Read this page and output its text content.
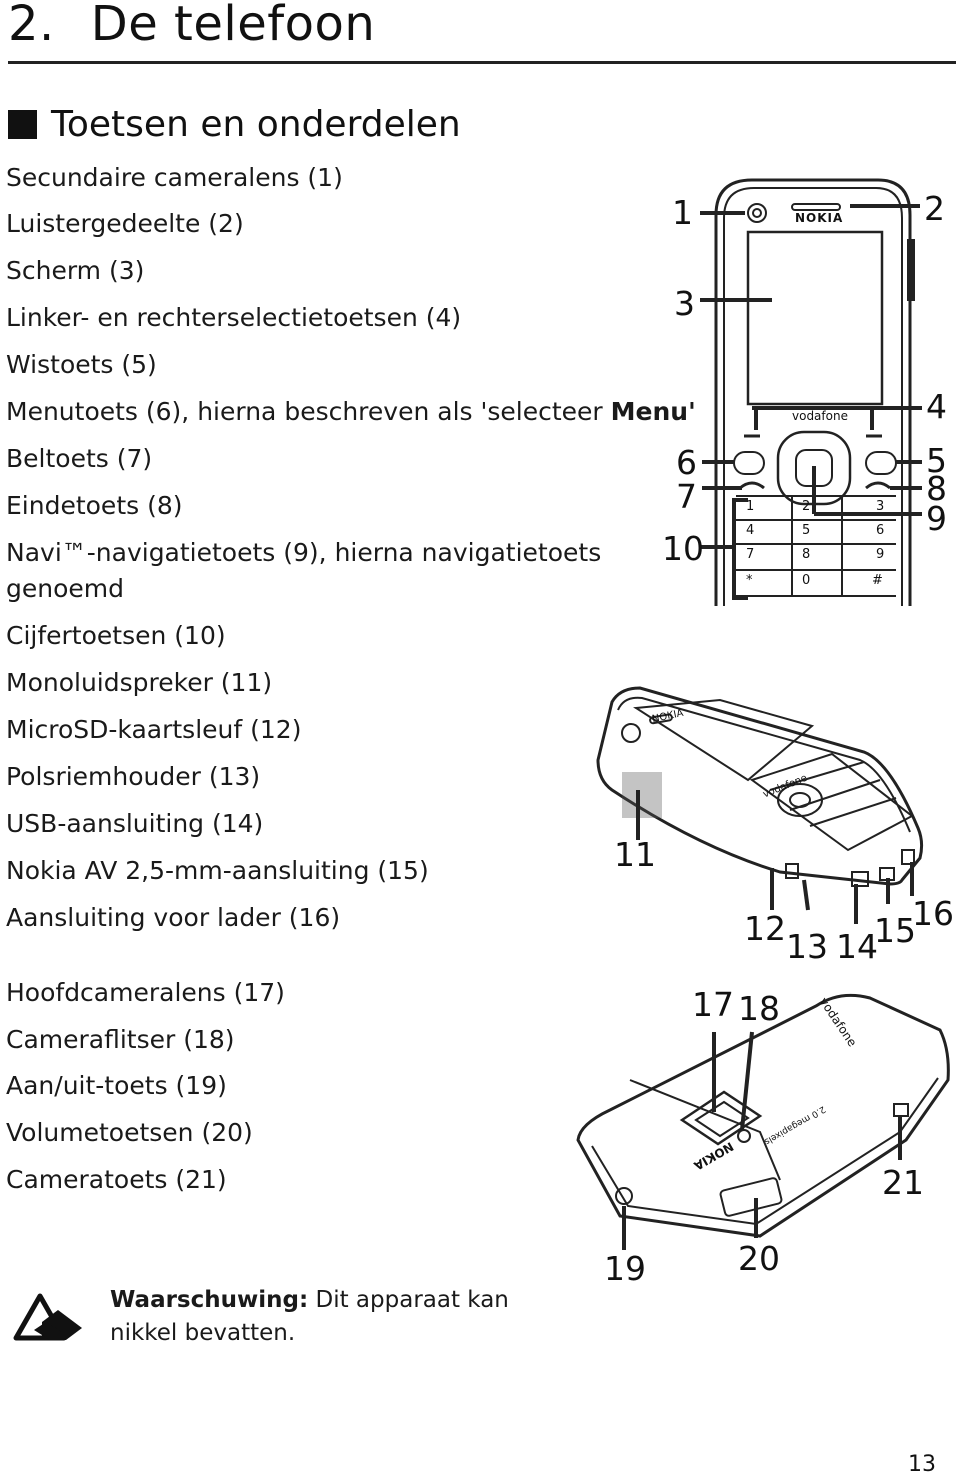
2. De telefoon
Toetsen en onderdelen
Secundaire cameralens (1)
Luistergedeelte (2)
Scherm (3)
Linker- en rechterselectietoetsen (4)
Wistoets (5)
Menutoets (6), hierna beschreven als 'selecteer Menu'
Beltoets (7)
Eindetoets (8)
Navi™-navigatietoets (9), hierna navigatietoets
genoemd
Cijfertoetsen (10)
Monoluidspreker (11)
MicroSD-kaartsleuf (12)
Polsriemhouder (13)
USB-aansluiting (14)
Nokia AV 2,5-mm-aansluiting (15)
Aansluiting voor lader (16)
Hoofdcameralens (17)
Cameraflitser (18)
Aan/uit-toets (19)
Volumetoetsen (20)
Cameratoets (21)
NOKIA
vodafone
1	2	3
4	5	6
7	8	9
*	0	#
NOKIA
vodafone
vodafone
NOKIA
2.0 megapixels
1	2
3
4
5
6
7	8
9
10
11
12 13 14
15
16
17 18
19	20
21
Waarschuwing: Dit apparaat kan nikkel bevatten.
13
